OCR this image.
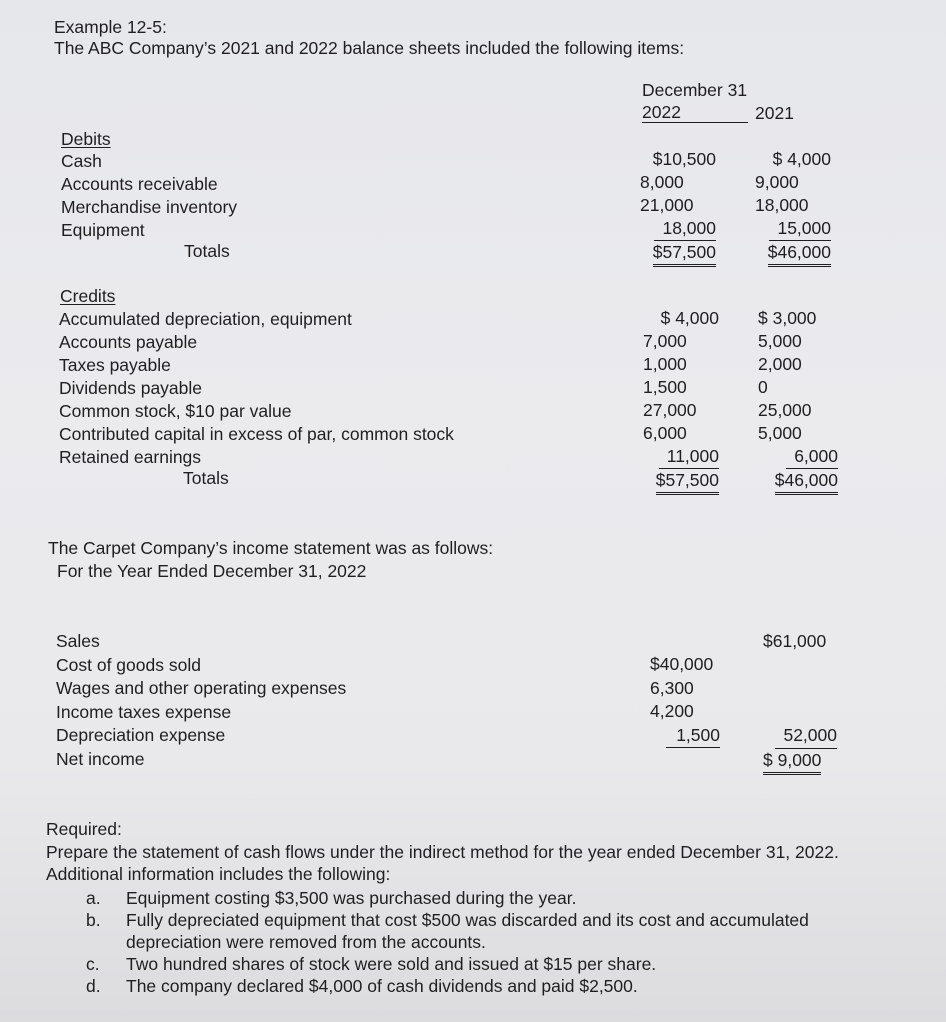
Example 12-5:
The ABC Company’s 2021 and 2022 balance sheets included the following items:
December 31
2022	2021
Debits
Cash
Accounts receivable
Merchandise inventory
Equipment
Totals
$10,500
8,000
21,000
18,000
$57,500
$ 4,000
9,000
18,000
15,000
$46,000
Credits
Accumulated depreciation, equipment
Accounts payable
Taxes payable
Dividends payable
Common stock, $10 par value
Contributed capital in excess of par, common stock
Retained earnings
Totals
$ 4,000
7,000
1,000
1,500
27,000
6,000
11,000
$57,500
$ 3,000
5,000
2,000
0
25,000
5,000
6,000
$46,000
The Carpet Company’s income statement was as follows:
For the Year Ended December 31, 2022
Sales
Cost of goods sold
Wages and other operating expenses
Income taxes expense
Depreciation expense
Net income
$61,000
$40,000
6,300
4,200
1,500	52,000
$ 9,000
Required:
Prepare the statement of cash flows under the indirect method for the year ended December 31, 2022.
Additional information includes the following:
a. Equipment costing $3,500 was purchased during the year.
b. Fully depreciated equipment that cost $500 was discarded and its cost and accumulated
depreciation were removed from the accounts.
c. Two hundred shares of stock were sold and issued at $15 per share.
d. The company declared $4,000 of cash dividends and paid $2,500.
